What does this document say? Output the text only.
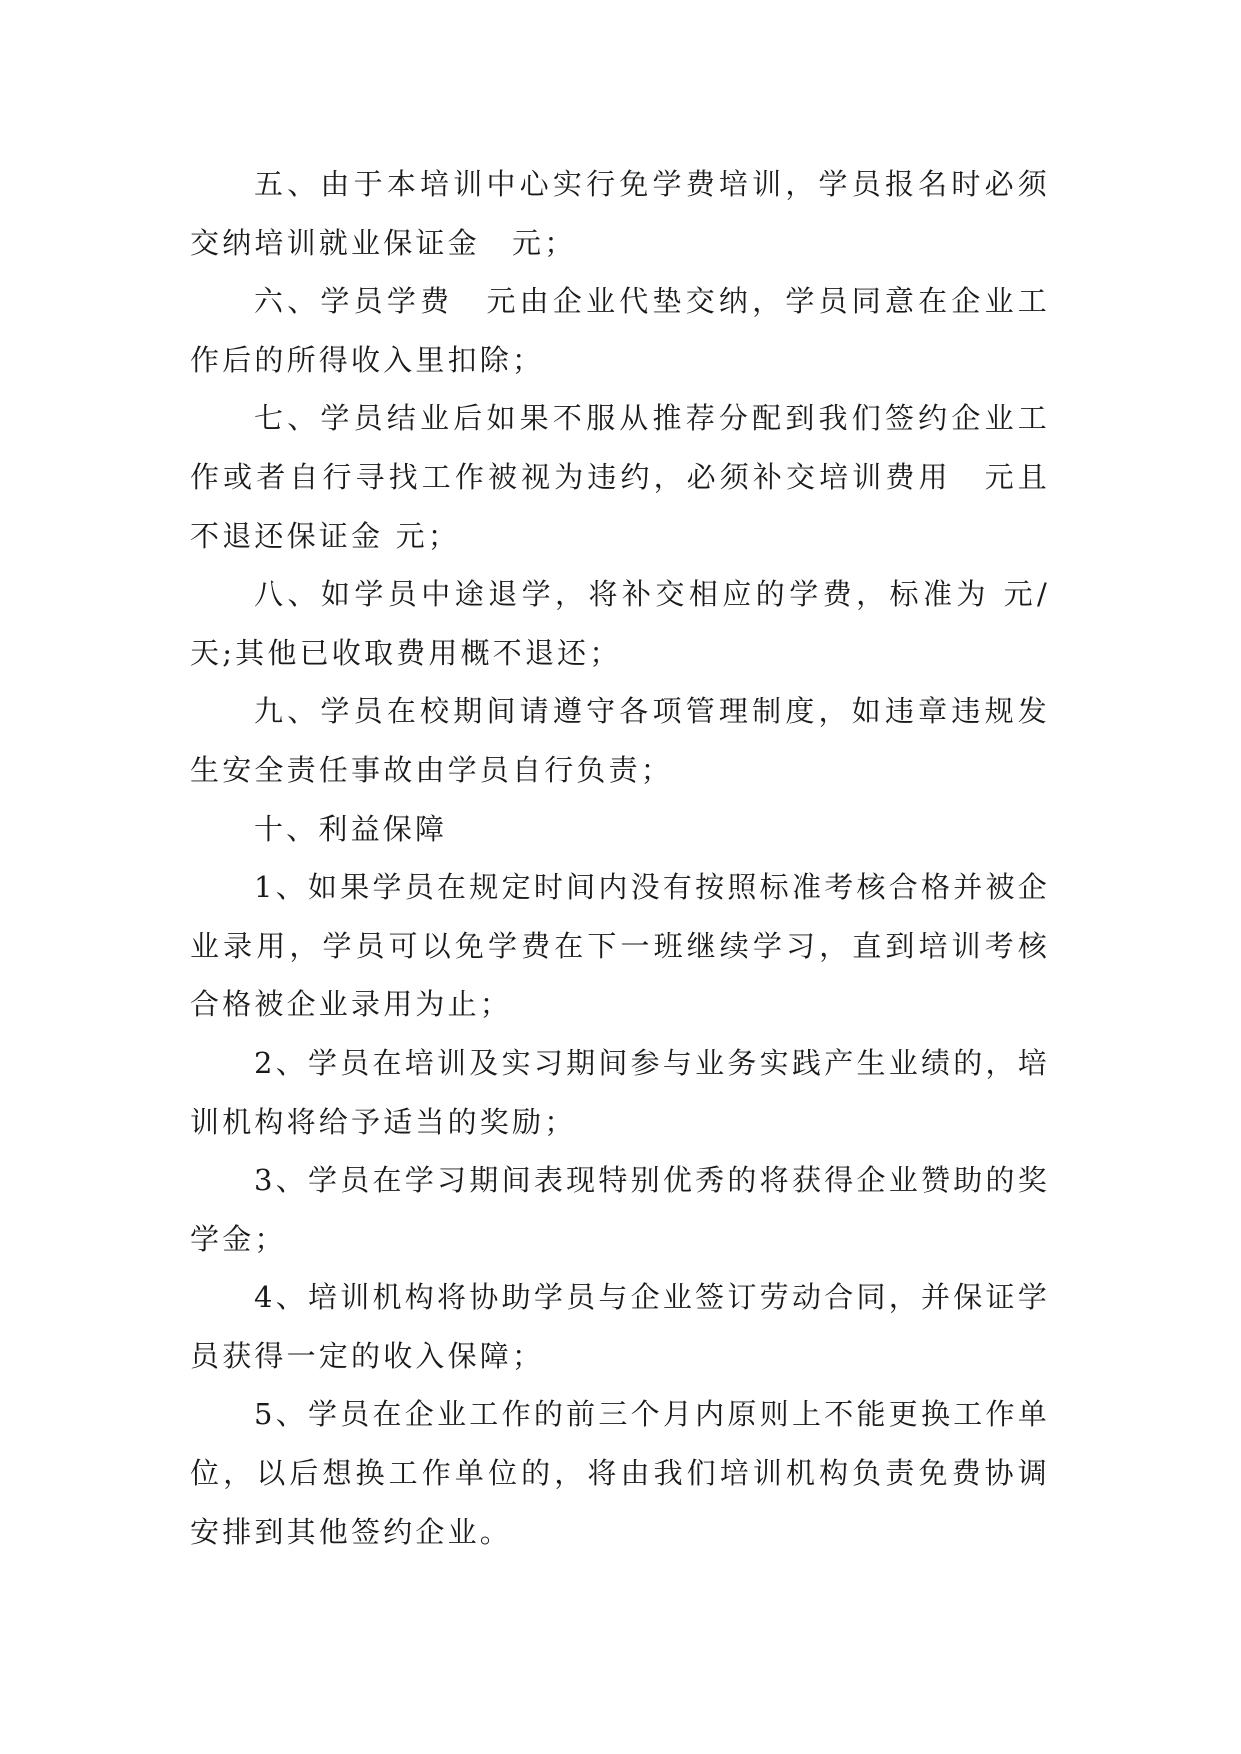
五、由于本培训中心实行免学费培训，学员报名时必须交纳培训就业保证金　元；

六、学员学费　元由企业代垫交纳，学员同意在企业工作后的所得收入里扣除；

七、学员结业后如果不服从推荐分配到我们签约企业工作或者自行寻找工作被视为违约，必须补交培训费用　元且不退还保证金 元；

八、如学员中途退学，将补交相应的学费，标准为 元/天;其他已收取费用概不退还；

九、学员在校期间请遵守各项管理制度，如违章违规发生安全责任事故由学员自行负责；

十、利益保障

1、如果学员在规定时间内没有按照标准考核合格并被企业录用，学员可以免学费在下一班继续学习，直到培训考核合格被企业录用为止；

2、学员在培训及实习期间参与业务实践产生业绩的，培训机构将给予适当的奖励；

3、学员在学习期间表现特别优秀的将获得企业赞助的奖学金；

4、培训机构将协助学员与企业签订劳动合同，并保证学员获得一定的收入保障；

5、学员在企业工作的前三个月内原则上不能更换工作单位，以后想换工作单位的，将由我们培训机构负责免费协调安排到其他签约企业。
